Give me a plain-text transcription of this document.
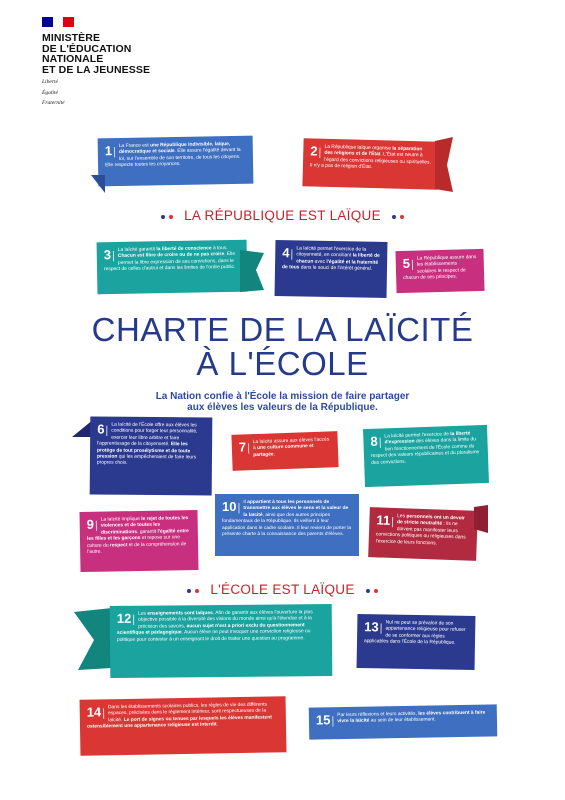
MINISTÈRE
DE L'ÉDUCATION
NATIONALE
ET DE LA JEUNESSE
Liberté
Égalité
Fraternité

1| La France est une République indivisible, laïque, démocratique et sociale. Elle assure l'égalité devant la loi, sur l'ensemble de son territoire, de tous les citoyens. Elle respecte toutes les croyances.

2| La République laïque organise la séparation des religions et de l'État. L'État est neutre à l'égard des convictions religieuses ou spirituelles. Il n'y a pas de religion d'État.

LA RÉPUBLIQUE EST LAÏQUE

3| La laïcité garantit la liberté de conscience à tous. Chacun est libre de croire ou de ne pas croire. Elle permet la libre expression de ses convictions, dans le respect de celles d'autrui et dans les limites de l'ordre public.

4| La laïcité permet l'exercice de la citoyenneté, en conciliant la liberté de chacun avec l'égalité et la fraternité de tous dans le souci de l'intérêt général.	5|
La République assure dans les établissements scolaires le respect de chacun de ses principes.

CHARTE DE LA LAÏCITÉ
À L'ÉCOLE
La Nation confie à l'École la mission de faire partager
aux élèves les valeurs de la République.

6| La laïcité de l'École offre aux élèves les conditions pour forger leur personnalité, exercer leur libre arbitre et faire l'apprentissage de la citoyenneté. Elle les protège de tout prosélytisme et de toute pression qui les empêcheraient de faire leurs propres choix.

7|
La laïcité assure aux élèves l'accès à une culture commune et partagée.

8|
La laïcité permet l'exercice de la liberté d'expression des élèves dans la limite du bon fonctionnement de l'École comme du respect des valeurs républicaines et du pluralisme des convictions.

9| La laïcité implique le rejet de toutes les violences et de toutes les discriminations, garantit l'égalité entre les filles et les garçons et repose sur une culture du respect et de la compréhension de l'autre.

10| Il appartient à tous les personnels de transmettre aux élèves le sens et la valeur de la laïcité, ainsi que des autres principes fondamentaux de la République. Ils veillent à leur application dans le cadre scolaire. Il leur revient de porter la présente charte à la connaissance des parents d'élèves.

11| Les personnels ont un devoir de stricte neutralité : ils ne doivent pas manifester leurs convictions politiques ou religieuses dans l'exercice de leurs fonctions.

L'ÉCOLE EST LAÏQUE

12| Les enseignements sont laïques. Afin de garantir aux élèves l'ouverture la plus objective possible à la diversité des visions du monde ainsi qu'à l'étendue et à la précision des savoirs, aucun sujet n'est a priori exclu du questionnement scientifique et pédagogique. Aucun élève ne peut invoquer une conviction religieuse ou politique pour contester à un enseignant le droit de traiter une question au programme.

13| Nul ne peut se prévaloir de son appartenance religieuse pour refuser de se conformer aux règles applicables dans l'École de la République.

14|
Dans les établissements scolaires publics, les règles de vie des différents espaces, précisées dans le règlement intérieur, sont respectueuses de la laïcité. Le port de signes ou tenues par lesquels les élèves manifestent ostensiblement une appartenance religieuse est interdit.	15|
Par leurs réflexions et leurs activités, les élèves contribuent à faire vivre la laïcité au sein de leur établissement.
